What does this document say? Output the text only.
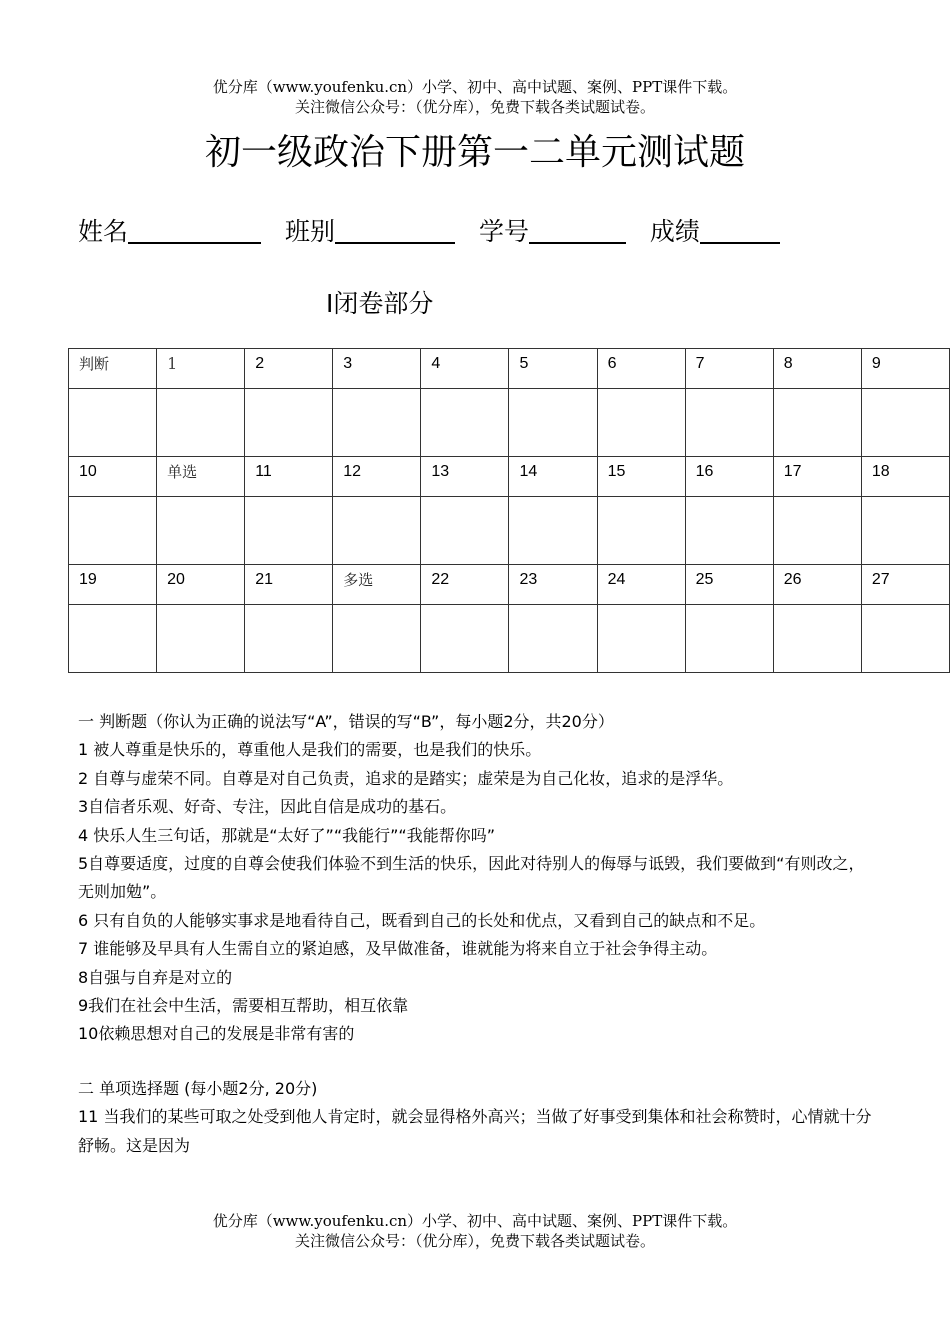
优分库（www.youfenku.cn）小学、初中、高中试题、案例、PPT课件下载。
关注微信公众号：（优分库），免费下载各类试题试卷。
初一级政治下册第一二单元测试题
姓名	班别	学号	成绩
Ⅰ闭卷部分
判断	1	2	3	4	5	6	7	8	9

10	单选	11	12	13	14	15	16	17	18

19	20	21	多选	22	23	24	25	26	27

一 判断题（你认为正确的说法写“A”，错误的写“B”，每小题2分，共20分）

1 被人尊重是快乐的，尊重他人是我们的需要，也是我们的快乐。

2 自尊与虚荣不同。自尊是对自己负责，追求的是踏实；虚荣是为自己化妆，追求的是浮华。

3自信者乐观、好奇、专注，因此自信是成功的基石。

4 快乐人生三句话，那就是“太好了”“我能行”“我能帮你吗”

5自尊要适度，过度的自尊会使我们体验不到生活的快乐，因此对待别人的侮辱与诋毁，我们要做到“有则改之，无则加勉”。

6 只有自负的人能够实事求是地看待自己，既看到自己的长处和优点，又看到自己的缺点和不足。

7 谁能够及早具有人生需自立的紧迫感，及早做准备，谁就能为将来自立于社会争得主动。

8自强与自弃是对立的

9我们在社会中生活，需要相互帮助，相互依靠

10依赖思想对自己的发展是非常有害的

二 单项选择题 (每小题2分, 20分)

11 当我们的某些可取之处受到他人肯定时，就会显得格外高兴；当做了好事受到集体和社会称赞时，心情就十分舒畅。这是因为

优分库（www.youfenku.cn）小学、初中、高中试题、案例、PPT课件下载。
关注微信公众号：（优分库），免费下载各类试题试卷。
